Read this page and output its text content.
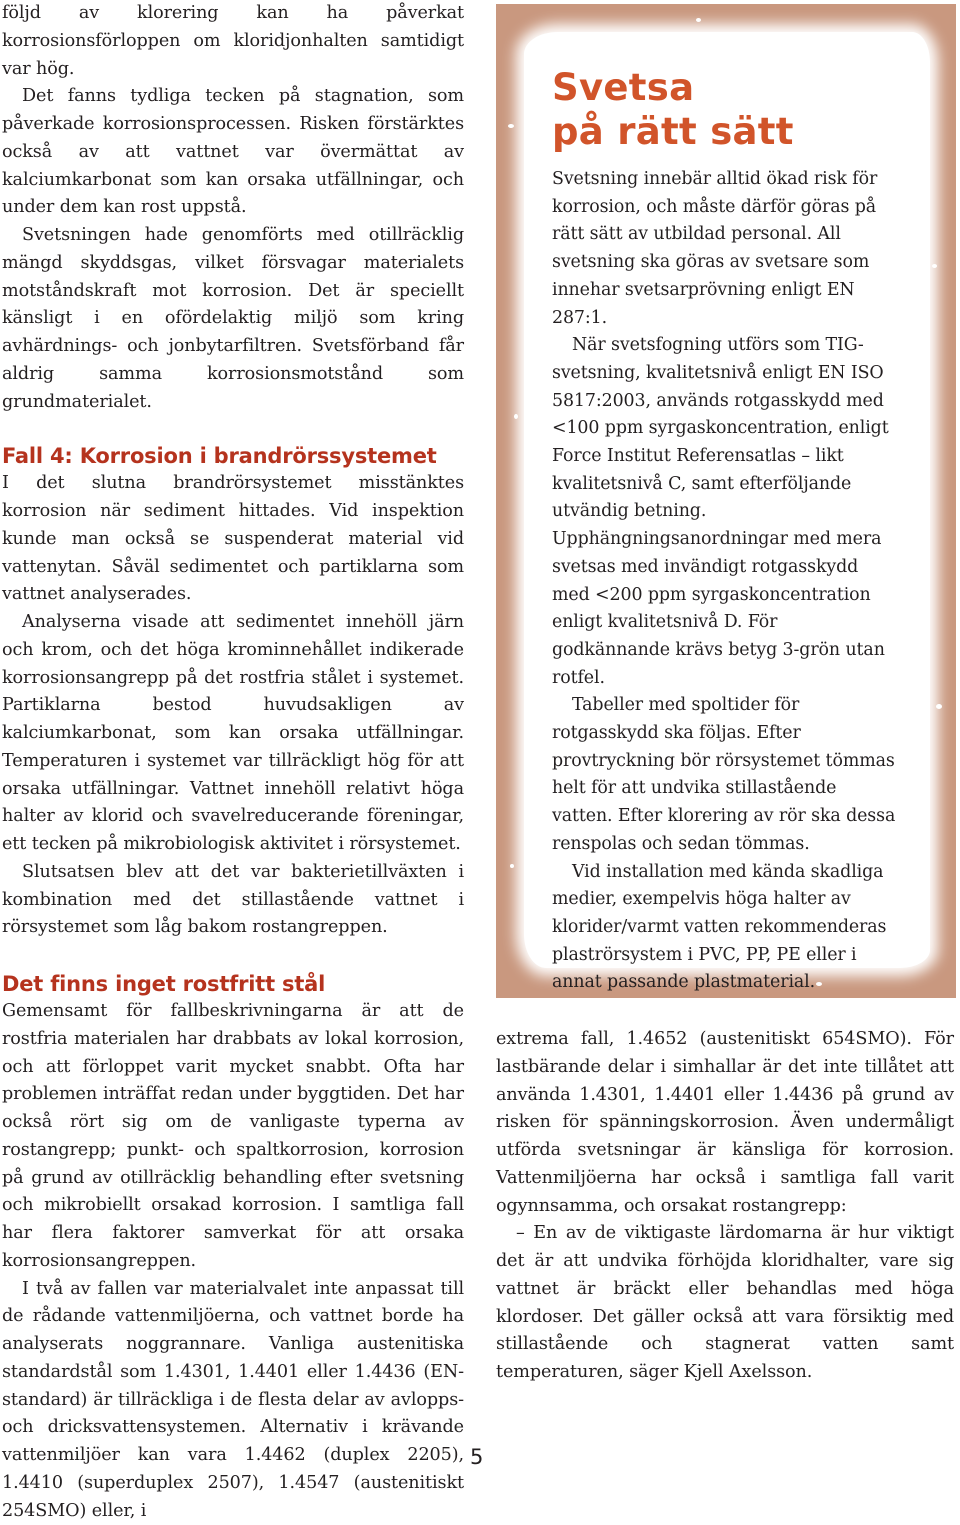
följd av klorering kan ha påverkat korrosionsförloppen om kloridjonhalten samtidigt var hög.

Det fanns tydliga tecken på stagnation, som påverkade korrosionsprocessen. Risken förstärktes också av att vattnet var övermättat av kalciumkarbonat som kan orsaka utfällningar, och under dem kan rost uppstå.

Svetsningen hade genomförts med otillräcklig mängd skyddsgas, vilket försvagar materialets motståndskraft mot korrosion. Det är speciellt känsligt i en ofördelaktig miljö som kring avhärdnings- och jonbytarfiltren. Svetsförband får aldrig samma korrosionsmotstånd som grundmaterialet.

Fall 4: Korrosion i brandrörssystemet

I det slutna brandrörsystemet misstänktes korrosion när sediment hittades. Vid inspektion kunde man också se suspenderat material vid vattenytan. Såväl sedimentet och partiklarna som vattnet analyserades.

Analyserna visade att sedimentet innehöll järn och krom, och det höga krominnehållet indikerade korrosionsangrepp på det rostfria stålet i systemet. Partiklarna bestod huvudsakligen av kalciumkarbonat, som kan orsaka utfällningar. Temperaturen i systemet var tillräckligt hög för att orsaka utfällningar. Vattnet innehöll relativt höga halter av klorid och svavelreducerande föreningar, ett tecken på mikrobiologisk aktivitet i rörsystemet.

Slutsatsen blev att det var bakterietillväxten i kombination med det stillastående vattnet i rörsystemet som låg bakom rostangreppen.

Det finns inget rostfritt stål

Gemensamt för fallbeskrivningarna är att de rostfria materialen har drabbats av lokal korrosion, och att förloppet varit mycket snabbt. Ofta har problemen inträffat redan under byggtiden. Det har också rört sig om de vanligaste typerna av rostangrepp; punkt- och spaltkorrosion, korrosion på grund av otillräcklig behandling efter svetsning och mikrobiellt orsakad korrosion. I samtliga fall har flera faktorer samverkat för att orsaka korrosionsangreppen.

I två av fallen var materialvalet inte anpassat till de rådande vattenmiljöerna, och vattnet borde ha analyserats noggrannare. Vanliga austenitiska standardstål som 1.4301, 1.4401 eller 1.4436 (EN-standard) är tillräckliga i de flesta delar av avlopps- och dricksvattensystemen. Alternativ i krävande vattenmiljöer kan vara 1.4462 (duplex 2205), 1.4410 (superduplex 2507), 1.4547 (austenitiskt 254SMO) eller, i

Svetsa
på rätt sätt

Svetsning innebär alltid ökad risk för korrosion, och måste därför göras på rätt sätt av utbildad personal. All svetsning ska göras av svetsare som innehar svetsarprövning enligt EN 287:1.

När svetsfogning utförs som TIG-svetsning, kvalitetsnivå enligt EN ISO 5817:2003, används rotgasskydd med <100 ppm syrgaskoncentration, enligt Force Institut Referensatlas – likt kvalitetsnivå C, samt efterföljande utvändig betning. Upphängningsanordningar med mera svetsas med invändigt rotgasskydd med <200 ppm syrgaskoncentration enligt kvalitetsnivå D. För godkännande krävs betyg 3-grön utan rotfel.

Tabeller med spoltider för rotgasskydd ska följas. Efter provtryckning bör rörsystemet tömmas helt för att undvika stillastående vatten. Efter klorering av rör ska dessa renspolas och sedan tömmas.

Vid installation med kända skadliga medier, exempelvis höga halter av klorider/varmt vatten rekommenderas plaströrsystem i PVC, PP, PE eller i annat passande plastmaterial.

extrema fall, 1.4652 (austenitiskt 654SMO). För lastbärande delar i simhallar är det inte tillåtet att använda 1.4301, 1.4401 eller 1.4436 på grund av risken för spänningskorrosion. Även undermåligt utförda svetsningar är känsliga för korrosion. Vattenmiljöerna har också i samtliga fall varit ogynnsamma, och orsakat rostangrepp:

– En av de viktigaste lärdomarna är hur viktigt det är att undvika förhöjda kloridhalter, vare sig vattnet är bräckt eller behandlas med höga klordoser. Det gäller också att vara försiktig med stillastående och stagnerat vatten samt temperaturen, säger Kjell Axelsson.

5
